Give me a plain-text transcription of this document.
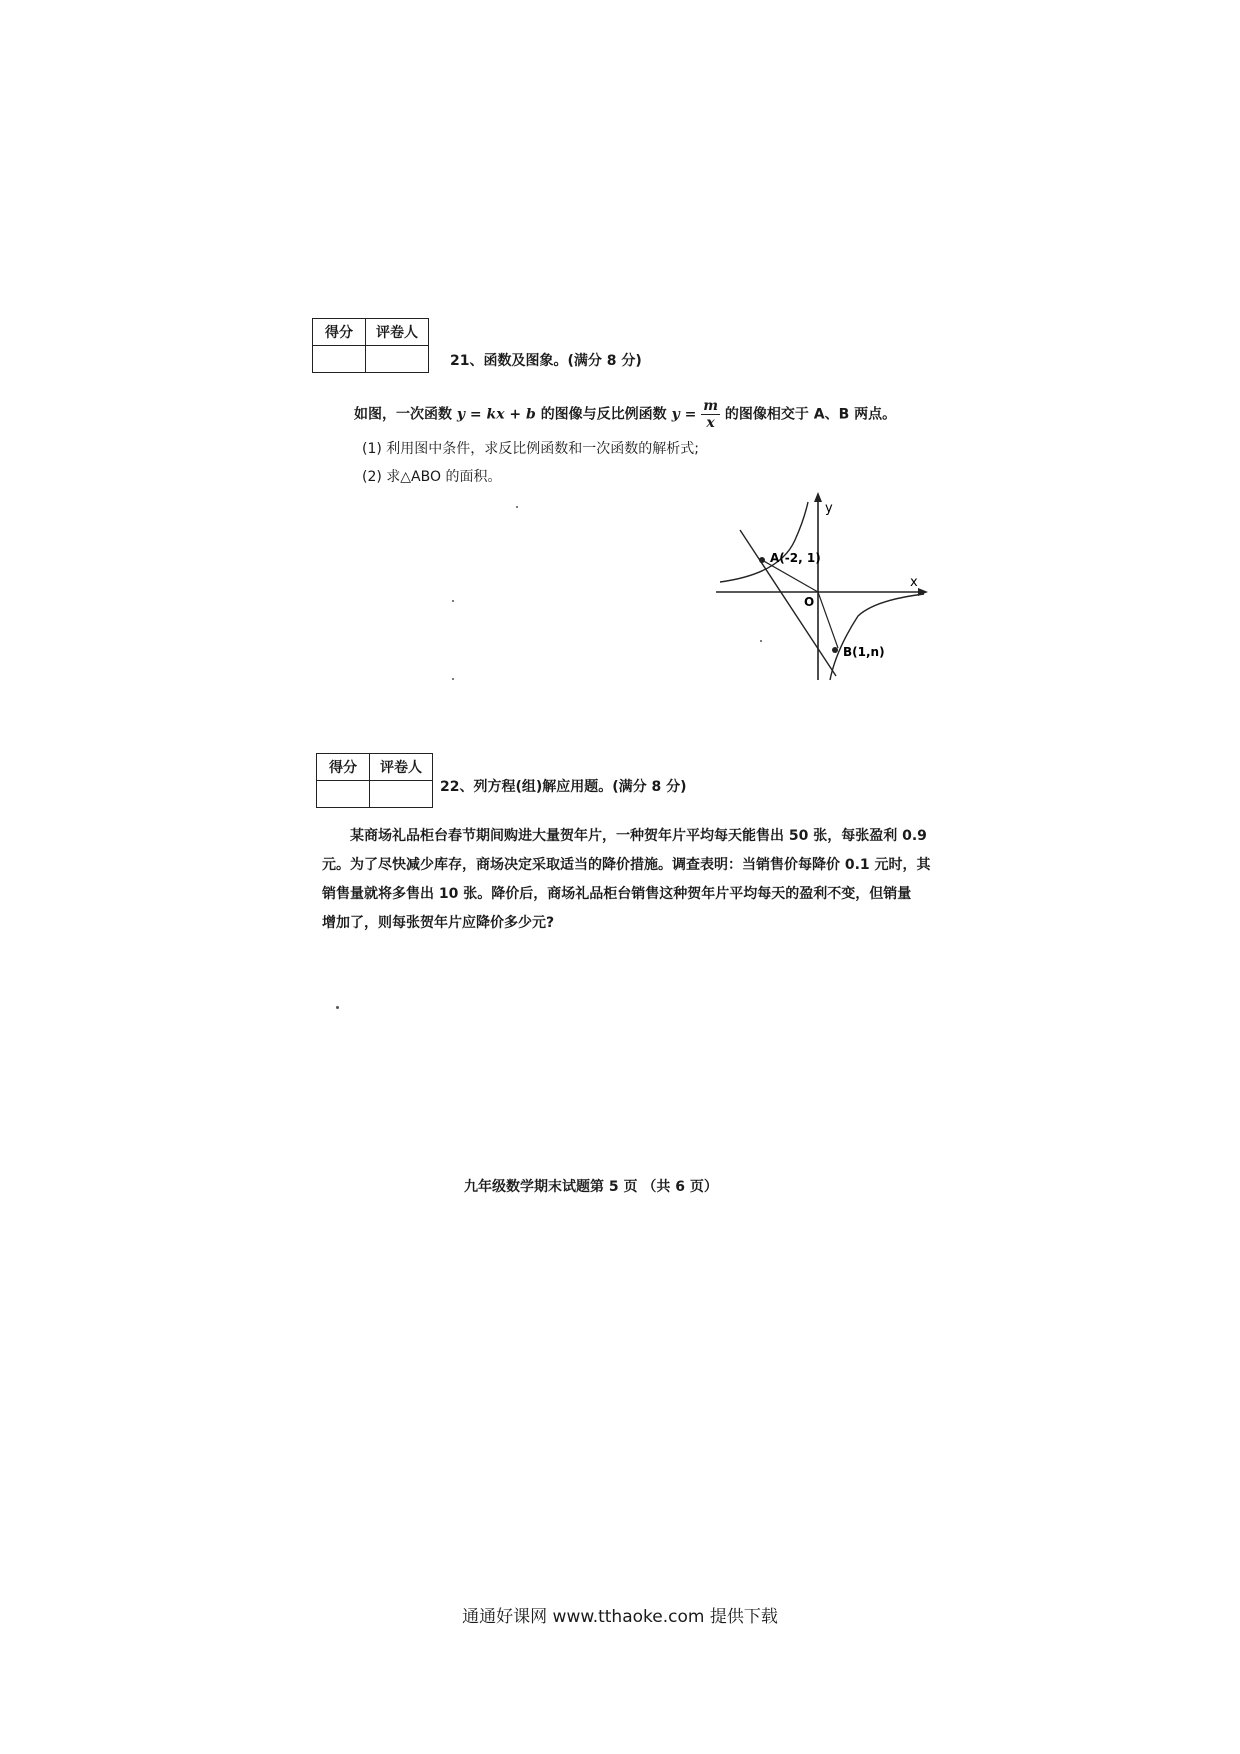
得分	评卷人

21、函数及图象。(满分 8 分)
如图，一次函数 y = kx + b 的图像与反比例函数 $y = \frac{m}{x}$ 的图像相交于 A、B 两点。
(1) 利用图中条件，求反比例函数和一次函数的解析式;
(2) 求△ABO 的面积。
x
y
O
A(-2, 1)
B(1,n)
得分	评卷人

22、列方程(组)解应用题。(满分 8 分)
某商场礼品柜台春节期间购进大量贺年片，一种贺年片平均每天能售出 50 张，每张盈利 0.9
元。为了尽快减少库存，商场决定采取适当的降价措施。调查表明：当销售价每降价 0.1 元时，其
销售量就将多售出 10 张。降价后，商场礼品柜台销售这种贺年片平均每天的盈利不变，但销量
增加了，则每张贺年片应降价多少元?
九年级数学期末试题第 5 页 （共 6 页）
通通好课网 www.tthaoke.com 提供下载
